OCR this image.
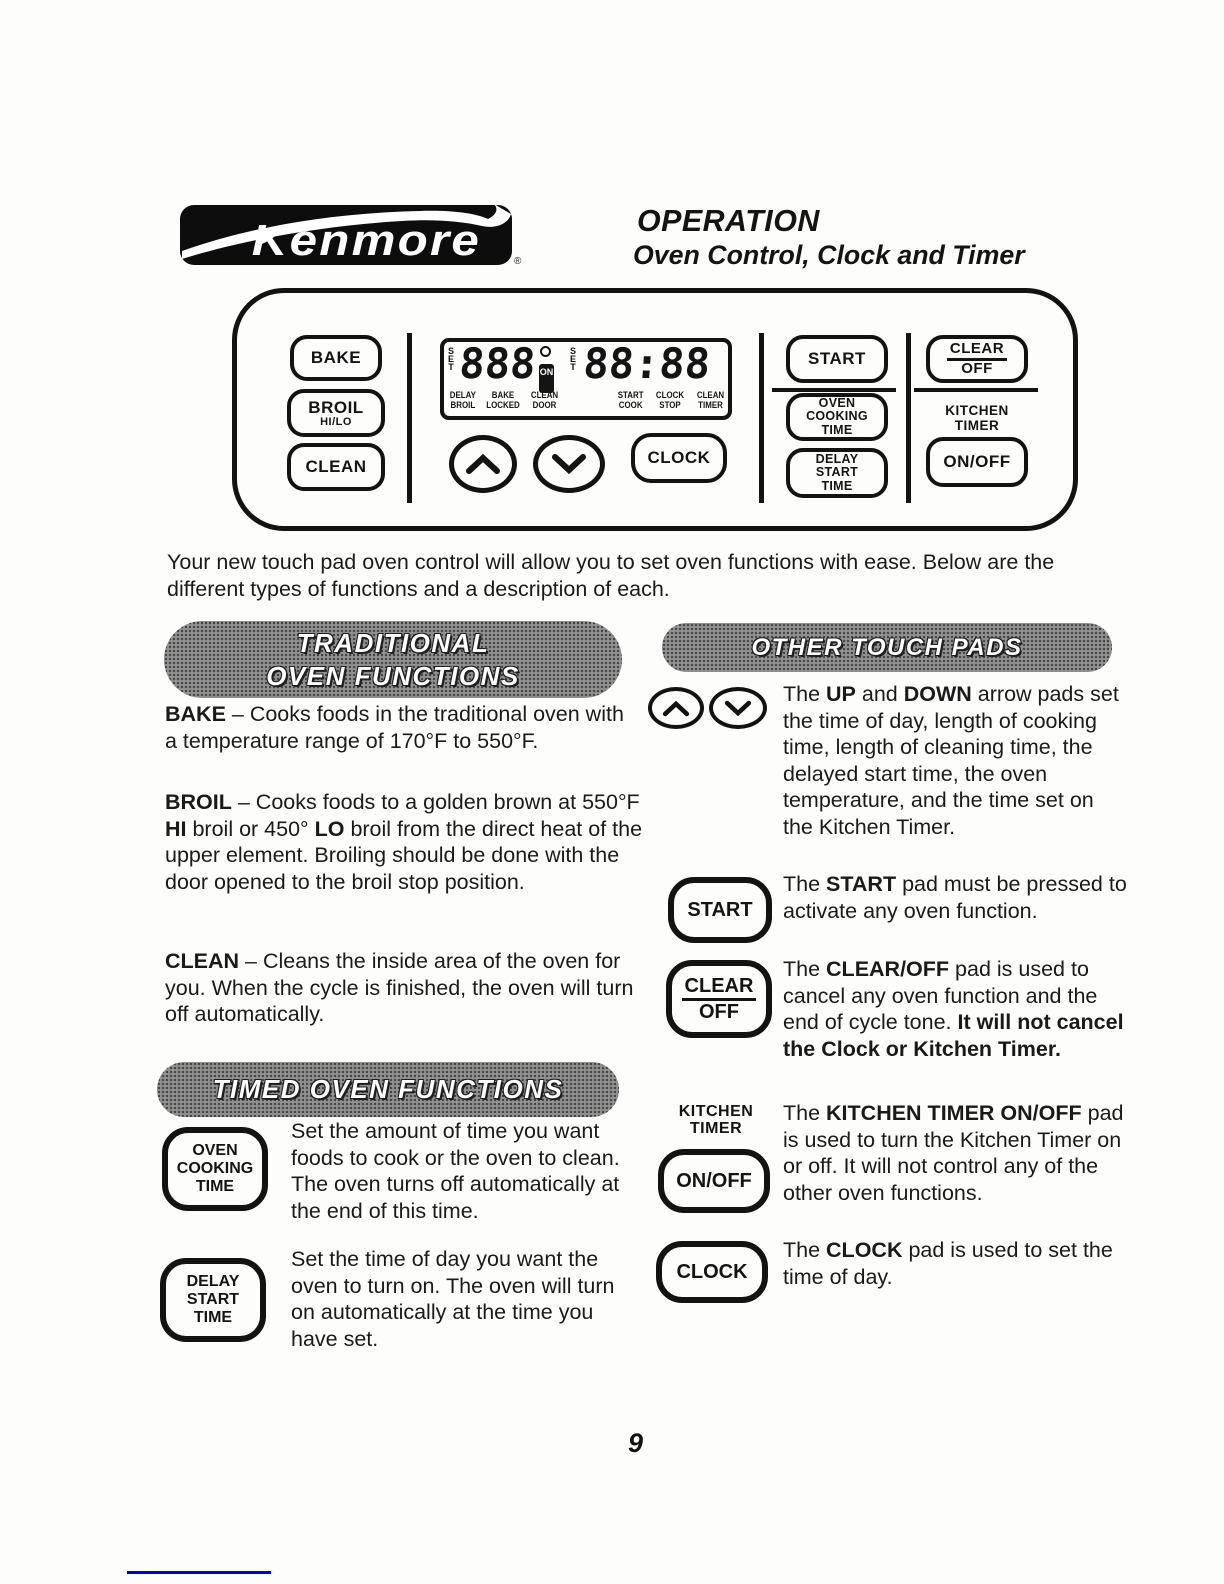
Kenmore	®
OPERATION
Oven Control, Clock and Timer
BAKE
BROIL
HI/LO
CLEAN
SET 888 ON
SET 88:88
DELAY
BROIL
BAKE
LOCKED
CLEAN
DOOR
START
COOK
CLOCK
STOP
CLEAN
TIMER
CLOCK
START
OVEN
COOKING
TIME
DELAY
START
TIME
CLEAR
OFF
KITCHEN
TIMER
ON/OFF
Your new touch pad oven control will allow you to set oven functions with ease. Below are the different types of functions and a description of each.
TRADITIONAL
OVEN FUNCTIONS
BAKE – Cooks foods in the traditional oven with a temperature range of 170°F to 550°F.
BROIL – Cooks foods to a golden brown at 550°F HI broil or 450° LO broil from the direct heat of the upper element. Broiling should be done with the door opened to the broil stop position.
CLEAN – Cleans the inside area of the oven for you. When the cycle is finished, the oven will turn off automatically.
TIMED OVEN FUNCTIONS
OVEN
COOKING
TIME
Set the amount of time you want foods to cook or the oven to clean. The oven turns off automatically at the end of this time.
DELAY
START
TIME
Set the time of day you want the oven to turn on. The oven will turn on automatically at the time you have set.
OTHER TOUCH PADS
The UP and DOWN arrow pads set the time of day, length of cooking time, length of cleaning time, the delayed start time, the oven temperature, and the time set on the Kitchen Timer.
START
The START pad must be pressed to activate any oven function.
CLEAR
OFF
The CLEAR/OFF pad is used to cancel any oven function and the end of cycle tone. It will not cancel the Clock or Kitchen Timer.
KITCHEN
TIMER
ON/OFF
The KITCHEN TIMER ON/OFF pad is used to turn the Kitchen Timer on or off. It will not control any of the other oven functions.
CLOCK
The CLOCK pad is used to set the time of day.
9
